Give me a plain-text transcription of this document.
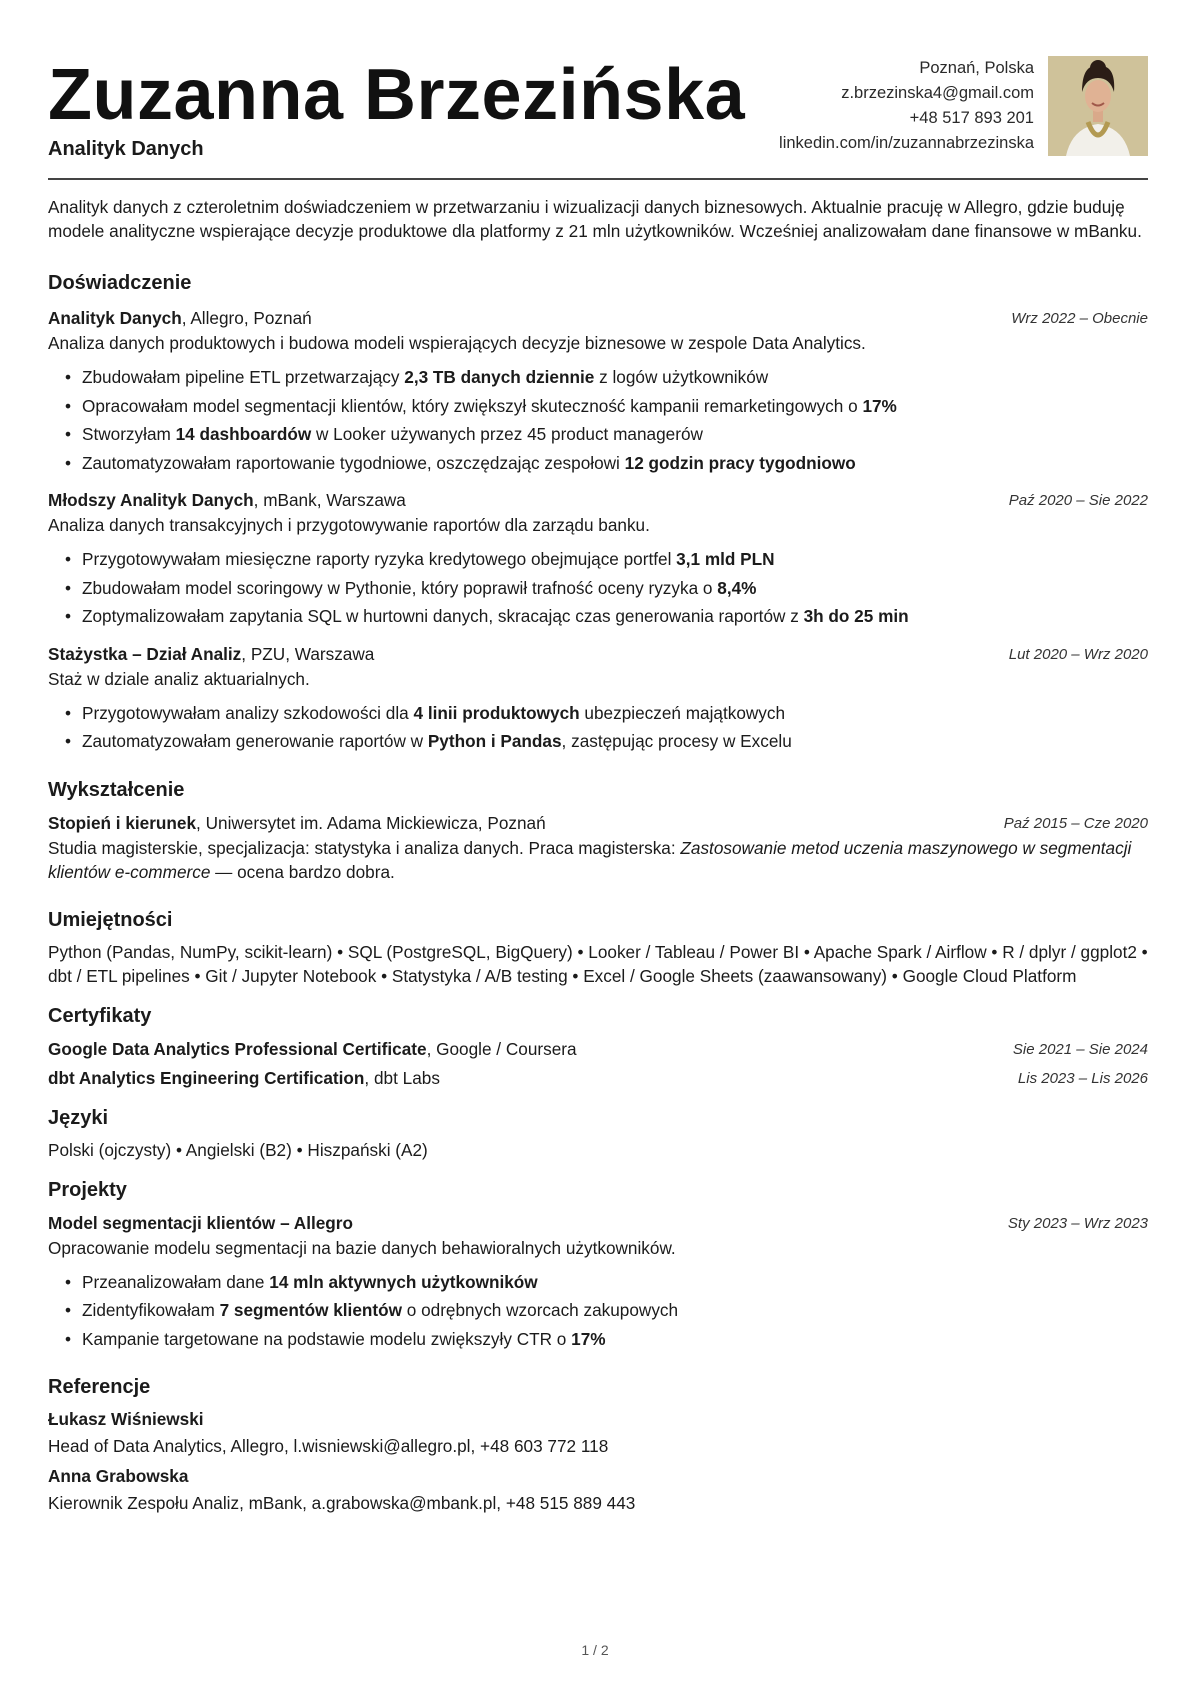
Zuzanna Brzezińska
Analityk Danych
Poznań, Polska
z.brzezinska4@gmail.com
+48 517 893 201
linkedin.com/in/zuzannabrzezinska

Analityk danych z czteroletnim doświadczeniem w przetwarzaniu i wizualizacji danych biznesowych. Aktualnie pracuję w Allegro, gdzie buduję modele analityczne wspierające decyzje produktowe dla platformy z 21 mln użytkowników. Wcześniej analizowałam dane finansowe w mBanku.

Doświadczenie
Analityk Danych, Allegro, Poznań	Wrz 2022 – Obecnie

Analiza danych produktowych i budowa modeli wspierających decyzje biznesowe w zespole Data Analytics.

• Zbudowałam pipeline ETL przetwarzający 2,3 TB danych dziennie z logów użytkowników
• Opracowałam model segmentacji klientów, który zwiększył skuteczność kampanii remarketingowych o 17%
• Stworzyłam 14 dashboardów w Looker używanych przez 45 product managerów
• Zautomatyzowałam raportowanie tygodniowe, oszczędzając zespołowi 12 godzin pracy tygodniowo
Młodszy Analityk Danych, mBank, Warszawa	Paź 2020 – Sie 2022

Analiza danych transakcyjnych i przygotowywanie raportów dla zarządu banku.

• Przygotowywałam miesięczne raporty ryzyka kredytowego obejmujące portfel 3,1 mld PLN
• Zbudowałam model scoringowy w Pythonie, który poprawił trafność oceny ryzyka o 8,4%
• Zoptymalizowałam zapytania SQL w hurtowni danych, skracając czas generowania raportów z 3h do 25 min
Stażystka – Dział Analiz, PZU, Warszawa	Lut 2020 – Wrz 2020

Staż w dziale analiz aktuarialnych.

• Przygotowywałam analizy szkodowości dla 4 linii produktowych ubezpieczeń majątkowych
• Zautomatyzowałam generowanie raportów w Python i Pandas, zastępując procesy w Excelu
Wykształcenie
Stopień i kierunek, Uniwersytet im. Adama Mickiewicza, Poznań	Paź 2015 – Cze 2020

Studia magisterskie, specjalizacja: statystyka i analiza danych. Praca magisterska: Zastosowanie metod uczenia maszynowego w segmentacji klientów e-commerce — ocena bardzo dobra.

Umiejętności

Python (Pandas, NumPy, scikit-learn) • SQL (PostgreSQL, BigQuery) • Looker / Tableau / Power BI • Apache Spark / Airflow • R / dplyr / ggplot2 • dbt / ETL pipelines • Git / Jupyter Notebook • Statystyka / A/B testing • Excel / Google Sheets (zaawansowany) • Google Cloud Platform

Certyfikaty
Google Data Analytics Professional Certificate, Google / Coursera	Sie 2021 – Sie 2024
dbt Analytics Engineering Certification, dbt Labs	Lis 2023 – Lis 2026
Języki

Polski (ojczysty) • Angielski (B2) • Hiszpański (A2)

Projekty
Model segmentacji klientów – Allegro	Sty 2023 – Wrz 2023

Opracowanie modelu segmentacji na bazie danych behawioralnych użytkowników.

• Przeanalizowałam dane 14 mln aktywnych użytkowników
• Zidentyfikowałam 7 segmentów klientów o odrębnych wzorcach zakupowych
• Kampanie targetowane na podstawie modelu zwiększyły CTR o 17%
Referencje
Łukasz Wiśniewski
Head of Data Analytics, Allegro, l.wisniewski@allegro.pl, +48 603 772 118
Anna Grabowska
Kierownik Zespołu Analiz, mBank, a.grabowska@mbank.pl, +48 515 889 443
1 / 2
